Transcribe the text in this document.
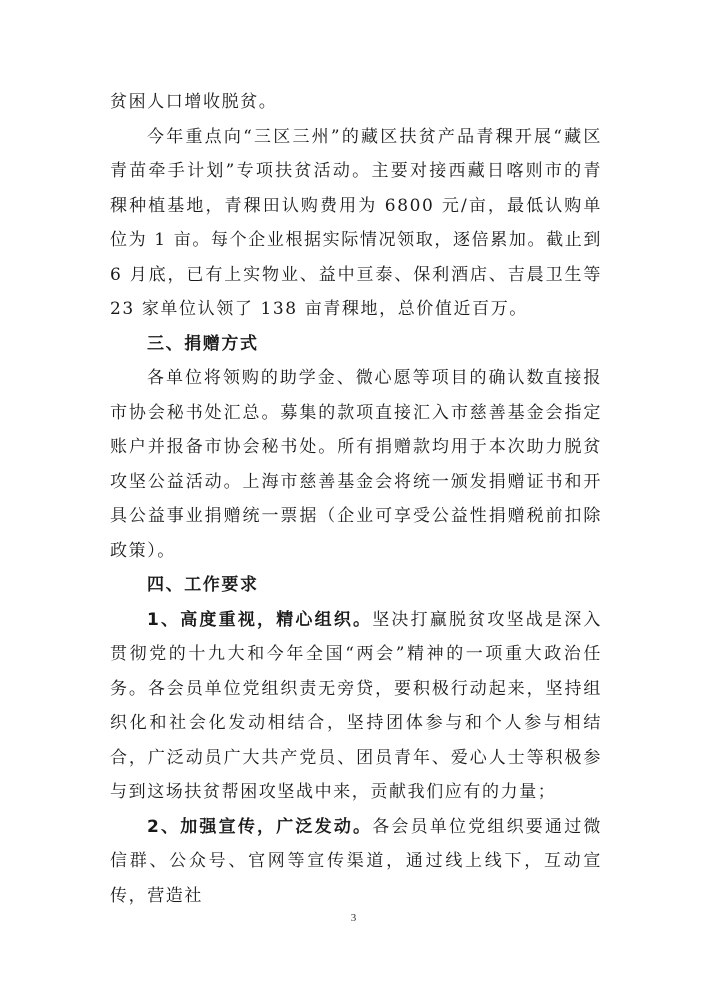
贫困人口增收脱贫。

今年重点向“三区三州”的藏区扶贫产品青稞开展“藏区青苗牵手计划”专项扶贫活动。主要对接西藏日喀则市的青稞种植基地，青稞田认购费用为 6800 元/亩，最低认购单位为 1 亩。每个企业根据实际情况领取，逐倍累加。截止到 6 月底，已有上实物业、益中亘泰、保利酒店、吉晨卫生等 23 家单位认领了 138 亩青稞地，总价值近百万。

三、捐赠方式

各单位将领购的助学金、微心愿等项目的确认数直接报市协会秘书处汇总。募集的款项直接汇入市慈善基金会指定账户并报备市协会秘书处。所有捐赠款均用于本次助力脱贫攻坚公益活动。上海市慈善基金会将统一颁发捐赠证书和开具公益事业捐赠统一票据（企业可享受公益性捐赠税前扣除政策）。

四、工作要求

1、高度重视，精心组织。坚决打赢脱贫攻坚战是深入贯彻党的十九大和今年全国“两会”精神的一项重大政治任务。各会员单位党组织责无旁贷，要积极行动起来，坚持组织化和社会化发动相结合，坚持团体参与和个人参与相结合，广泛动员广大共产党员、团员青年、爱心人士等积极参与到这场扶贫帮困攻坚战中来，贡献我们应有的力量；

2、加强宣传，广泛发动。各会员单位党组织要通过微信群、公众号、官网等宣传渠道，通过线上线下，互动宣传，营造社

3
